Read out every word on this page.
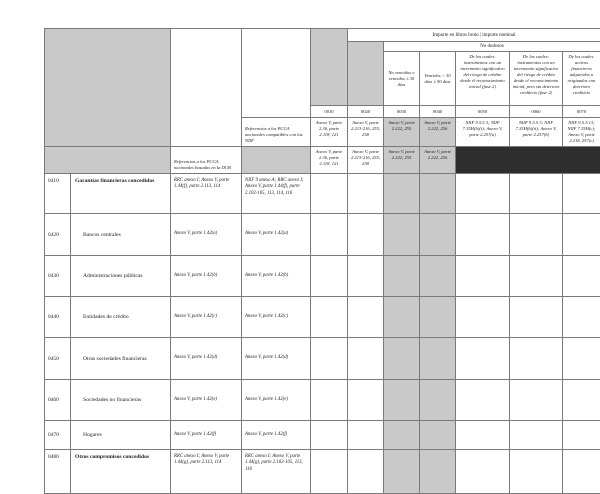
					Importe en libros bruto | importe nominal					
						No dudosos				
						No vencidos o vencidos ≤ 30 días	Vencidos > 30 días ≤ 90 días	De los cuales: instrumentos con un incremento significativo del riesgo de crédito desde el reconocimiento inicial (fase 2)	De los cuales: instrumentos con un incremento significativo del riesgo de crédito desde el reconocimiento inicial, pero sin deterioro crediticio (fase 2)	De los cuales: activos financieros adquiridos u originados con deterioro crediticio
				0010	0020	0030	0040	0050	0060	0070
			Referencias a los PCGA nacionales compatibles con las NIIF	Anexo V, parte 2.36, parte 2.118, 121	Anexo V, parte 2.213-216, 255, 258	Anexo V, parte 2.222, 255	Anexo V, parte 2.222, 256	NIIF 9.5.5.3; NIIF 7.35H(b)(i); Anexo V, parte 2.257(a)	NIIF 9.5.5.3; NIIF 7.35H(b)(ii); Anexo V, parte 2.257(b)	NIIF 9.5.5.13; NIIF 7.35H(c); Anexo V, parte 2.218, 257(c)
		Referencias a los PCGA nacionales basadas en la DCB		Anexo V, parte 2.36, parte 2.118, 121	Anexo V, parte 2.213-216, 255, 258	Anexo V, parte 2.222, 255	Anexo V, parte 2.222, 256			
0410	Garantías financieras concedidas	RRC anexo I; Anexo V, parte 1.44(f), parte 2.113, 114	NIIF 9 anexo A; RRC anexo I; Anexo V, parte 1.44(f), parte 2.102-105, 113, 114, 116							
0420	Bancos centrales	Anexo V, parte 1.42(a)	Anexo V, parte 1.42(a)							
0430	Administraciones públicas	Anexo V, parte 1.42(b)	Anexo V, parte 1.42(b)							
0440	Entidades de crédito	Anexo V, parte 1.42(c)	Anexo V, parte 1.42(c)							
0450	Otras sociedades financieras	Anexo V, parte 1.42(d)	Anexo V, parte 1.42(d)							
0460	Sociedades no financieras	Anexo V, parte 1.42(e)	Anexo V, parte 1.42(e)							
0470	Hogares	Anexo V, parte 1.42(f)	Anexo V, parte 1.42(f)							
0480	Otros compromisos concedidos	RRC anexo I; Anexo V, parte 1.44(g), parte 2.113, 114	RRC anexo I; Anexo V, parte 1.44(g), parte 2.102-105, 113, 116							
